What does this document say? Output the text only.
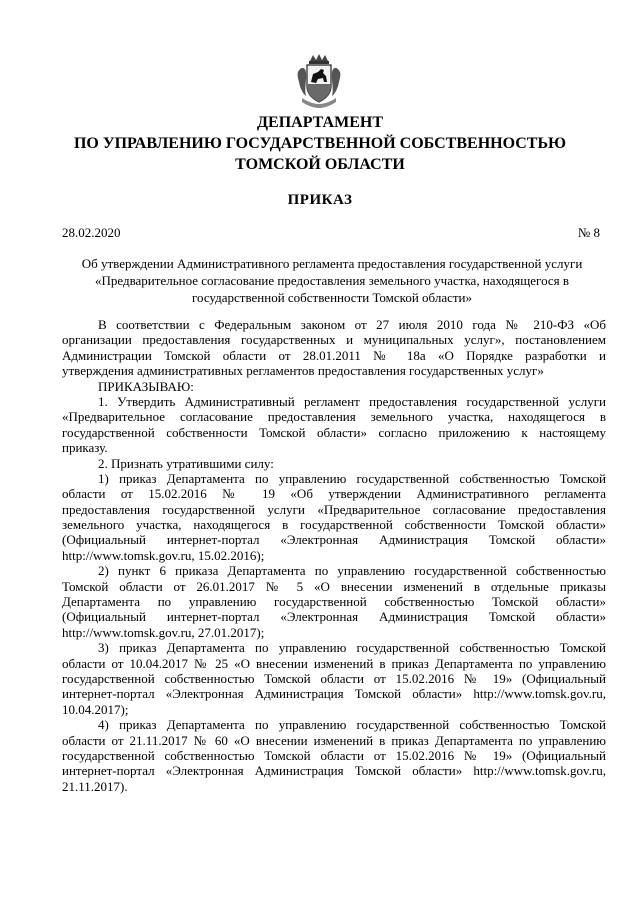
ДЕПАРТАМЕНТ
ПО УПРАВЛЕНИЮ ГОСУДАРСТВЕННОЙ СОБСТВЕННОСТЬЮ
ТОМСКОЙ ОБЛАСТИ
ПРИКАЗ
28.02.2020	№ 8
Об утверждении Административного регламента предоставления государственной услуги
«Предварительное согласование предоставления земельного участка, находящегося в
государственной собственности Томской области»
В соответствии с Федеральным законом от 27 июля 2010 года № 210-ФЗ «Об
организации предоставления государственных и муниципальных услуг», постановлением
Администрации Томской области от 28.01.2011 № 18а «О Порядке разработки и
утверждения административных регламентов предоставления государственных услуг»
ПРИКАЗЫВАЮ:
1. Утвердить Административный регламент предоставления государственной услуги
«Предварительное согласование предоставления земельного участка, находящегося в
государственной собственности Томской области» согласно приложению к настоящему
приказу.
2. Признать утратившими силу:
1) приказ Департамента по управлению государственной собственностью Томской
области от 15.02.2016 № 19 «Об утверждении Административного регламента
предоставления государственной услуги «Предварительное согласование предоставления
земельного участка, находящегося в государственной собственности Томской области»
(Официальный интернет-портал «Электронная Администрация Томской области»
http://www.tomsk.gov.ru, 15.02.2016);
2) пункт 6 приказа Департамента по управлению государственной собственностью
Томской области от 26.01.2017 № 5 «О внесении изменений в отдельные приказы
Департамента по управлению государственной собственностью Томской области»
(Официальный интернет-портал «Электронная Администрация Томской области»
http://www.tomsk.gov.ru, 27.01.2017);
3) приказ Департамента по управлению государственной собственностью Томской
области от 10.04.2017 № 25 «О внесении изменений в приказ Департамента по управлению
государственной собственностью Томской области от 15.02.2016 № 19» (Официальный
интернет-портал «Электронная Администрация Томской области» http://www.tomsk.gov.ru,
10.04.2017);
4) приказ Департамента по управлению государственной собственностью Томской
области от 21.11.2017 № 60 «О внесении изменений в приказ Департамента по управлению
государственной собственностью Томской области от 15.02.2016 № 19» (Официальный
интернет-портал «Электронная Администрация Томской области» http://www.tomsk.gov.ru,
21.11.2017).
